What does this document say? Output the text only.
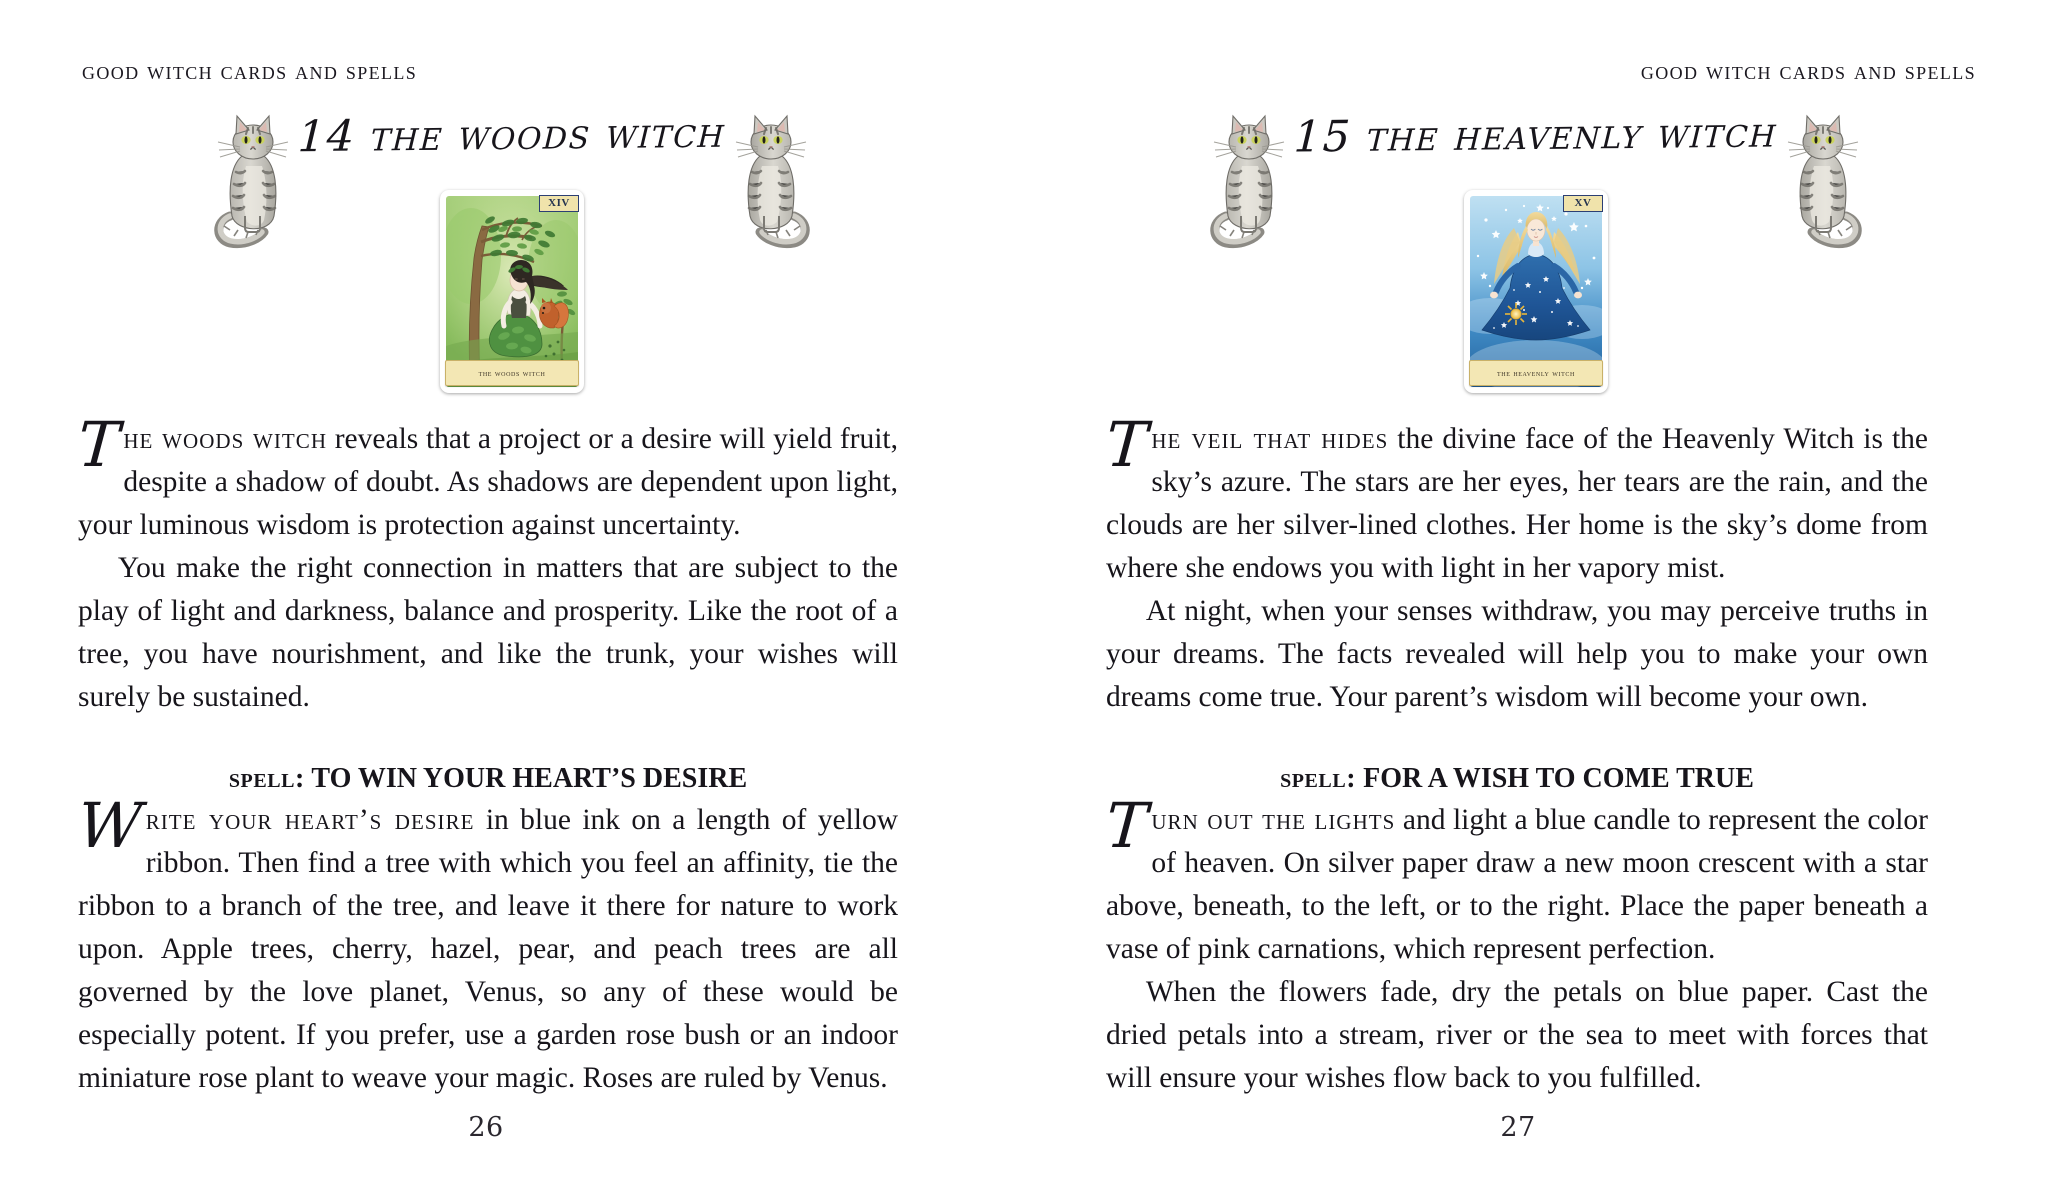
good witch cards and spells
14 the woods witch
XIV
the woods witch

The woods witch reveals that a project or a desire will yield fruit, despite a shadow of doubt. As shadows are dependent upon light, your luminous wisdom is protection against uncertainty.

You make the right connection in matters that are subject to the play of light and darkness, balance and prosperity. Like the root of a tree, you have nourishment, and like the trunk, your wishes will surely be sustained.

spell: TO WIN YOUR HEART’S DESIRE

Write your heart’s desire in blue ink on a length of yellow ribbon. Then find a tree with which you feel an affinity, tie the ribbon to a branch of the tree, and leave it there for nature to work upon. Apple trees, cherry, hazel, pear, and peach trees are all governed by the love planet, Venus, so any of these would be especially potent. If you prefer, use a garden rose bush or an indoor miniature rose plant to weave your magic. Roses are ruled by Venus.

26
good witch cards and spells
15 the heavenly witch
XV
the heavenly witch

The veil that hides the divine face of the Heavenly Witch is the sky’s azure. The stars are her eyes, her tears are the rain, and the clouds are her silver-lined clothes. Her home is the sky’s dome from where she endows you with light in her vapory mist.

At night, when your senses withdraw, you may perceive truths in your dreams. The facts revealed will help you to make your own dreams come true. Your parent’s wisdom will become your own.

spell: FOR A WISH TO COME TRUE

Turn out the lights and light a blue candle to represent the color of heaven. On silver paper draw a new moon crescent with a star above, beneath, to the left, or to the right. Place the paper beneath a vase of pink carnations, which represent perfection.

When the flowers fade, dry the petals on blue paper. Cast the dried petals into a stream, river or the sea to meet with forces that will ensure your wishes flow back to you fulfilled.

27
